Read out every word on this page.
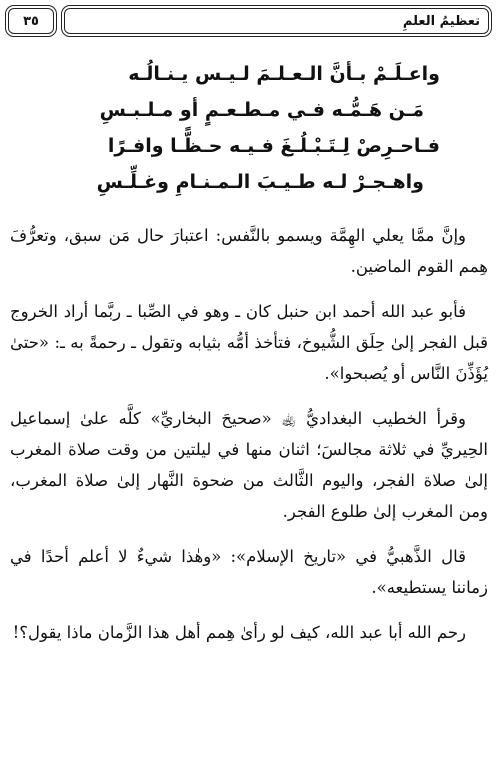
تعظيمُ العلمِ
٣٥
واعـلَـمْ بـأنَّ الـعـلـمَ لـيـس يـنـالُـه
مَـن هَـمُّـه فـي مـطـعـمٍ أو مـلـبـسِ
فـاحـرِصْ لِـتَـبْـلُـغَ فـيـه حـظًّـا وافـرًا
واهـجـرْ لـه طـيـبَ الـمـنـامِ وغـلِّـسِ

وإنَّ ممَّا يعلي الهِمَّة ويسمو بالنَّفس: اعتبارَ حال مَن سبق، وتعرُّفَ هِمم القوم الماضين.

فأبو عبد الله أحمد ابن حنبل كان ـ وهو في الصِّبا ـ ربَّما أراد الخروج قبل الفجر إلىٰ حِلَق الشُّيوخ، فتأخذ أمُّه بثيابه وتقول ـ رحمةً به ـ: «حتىٰ يُؤَذِّنَ النَّاس أو يُصبحوا».

وقرأ الخطيب البغداديُّ ﵀ «صحيحَ البخاريِّ» كلَّه علىٰ إسماعيل الحِيريِّ في ثلاثة مجالسَ؛ اثنان منها في ليلتين من وقت صلاة المغرب إلىٰ صلاة الفجر، واليوم الثَّالث من ضحوة النَّهار إلىٰ صلاة المغرب، ومن المغرب إلىٰ طلوع الفجر.

قال الذَّهبيُّ في «تاريخ الإسلام»: «وهٰذا شيءٌ لا أعلم أحدًا في زماننا يستطيعه».

رحم الله أبا عبد الله، كيف لو رأىٰ هِمم أهل هذا الزَّمان ماذا يقول؟!
